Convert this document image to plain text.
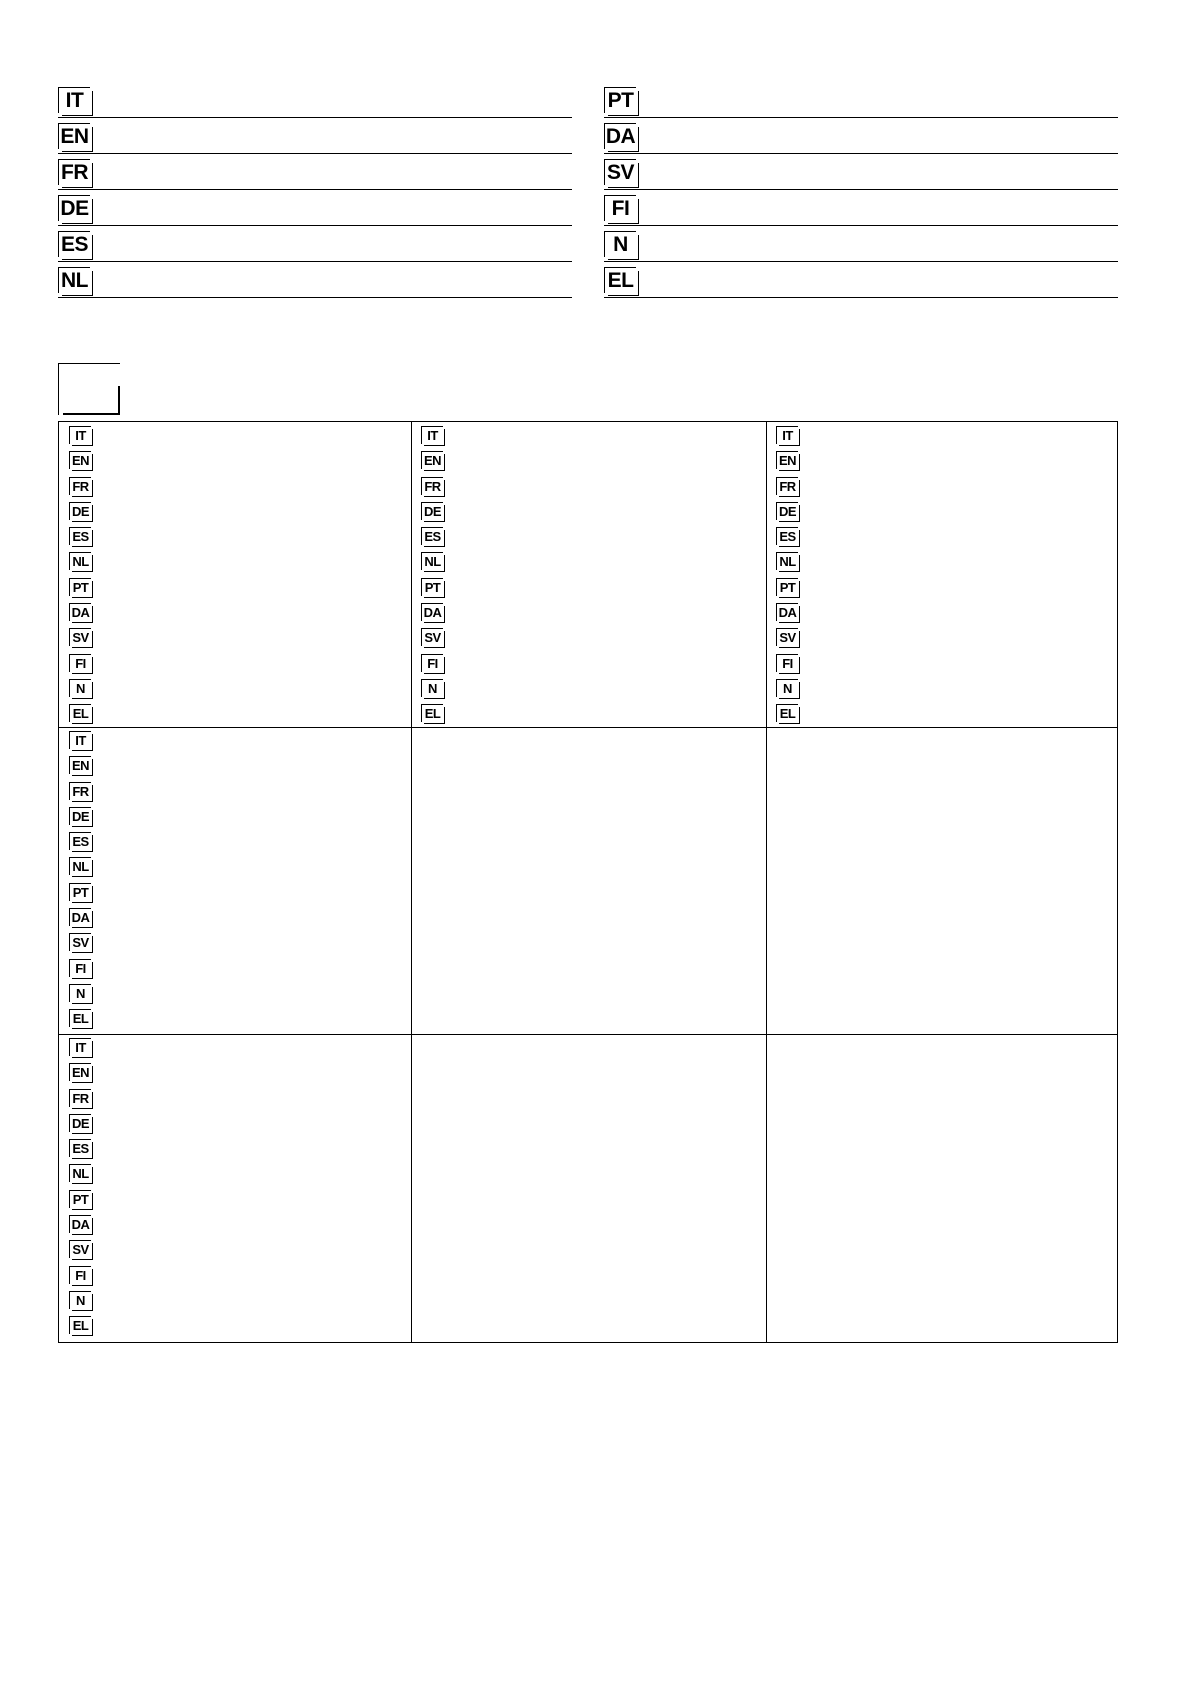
IT
EN
FR
DE
ES
NL
PT
DA
SV
FI
N
EL
IT
EN
FR
DE
ES
NL
PT
DA
SV
FI
N
EL
IT
EN
FR
DE
ES
NL
PT
DA
SV
FI
N
EL
IT
EN
FR
DE
ES
NL
PT
DA
SV
FI
N
EL
IT
EN
FR
DE
ES
NL
PT
DA
SV
FI
N
EL
IT
EN
FR
DE
ES
NL
PT
DA
SV
FI
N
EL
